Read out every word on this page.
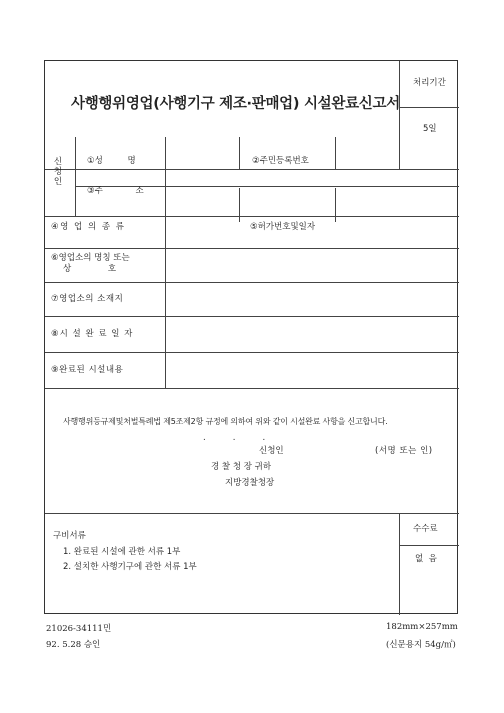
사행행위영업(사행기구 제조·판매업) 시설완료신고서
처리기간
5일
신청인
①성 명	②주민등록번호
③주 소
④영 업 의 종 류	⑤허가번호및일자
⑥영업소의 명칭 또는
상 호
⑦영업소의 소재지
⑧시 설 완 료 일 자
⑨완료된 시설내용
사행행위등규제및처벌특례법 제5조제2항 규정에 의하여 위와 같이 시설완료 사항을 신고합니다.
.          .          .
신청인	(서명 또는 인)
경 찰 청 장 귀하
지방경찰청장
구비서류
1. 완료된 시설에 관한 서류 1부
2. 설치한 사행기구에 관한 서류 1부
수수료
없  음
21026-34111민
92. 5.28 승인
182mm×257mm
(신문용지 54g/㎡)
